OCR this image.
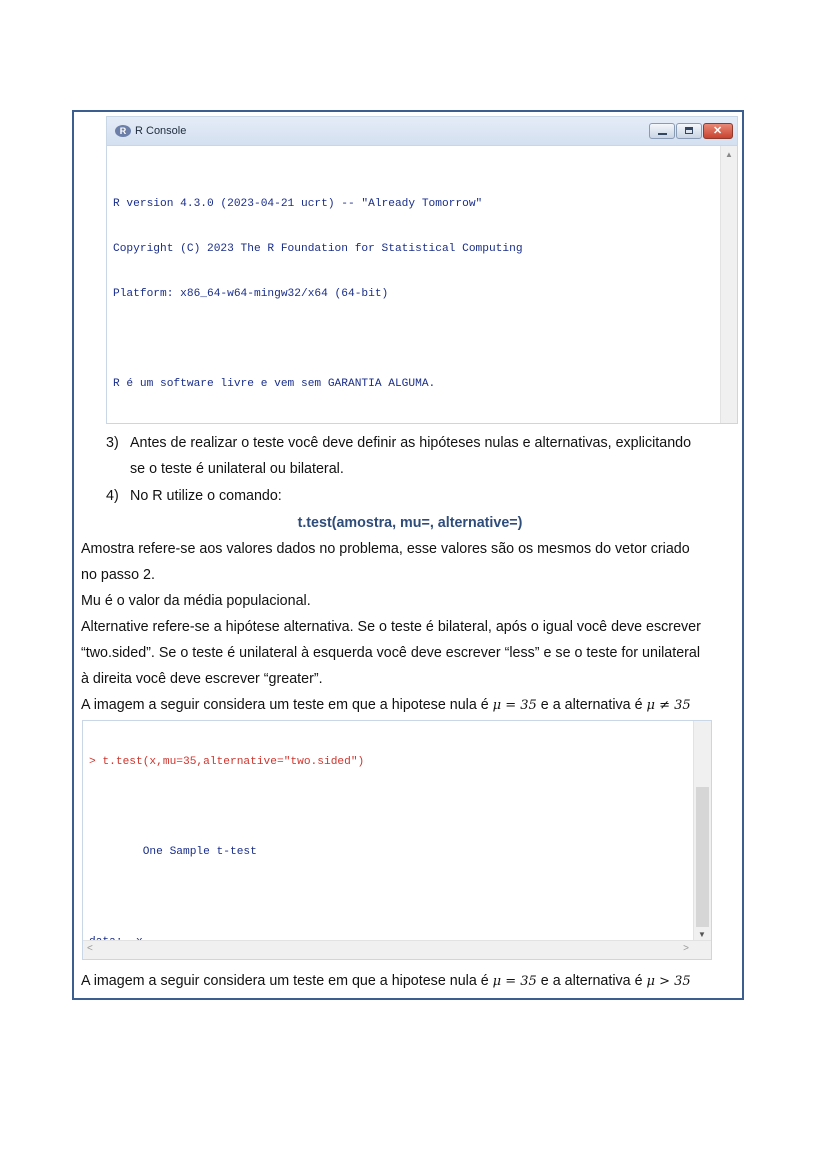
R R Console
✕
▲

R version 4.3.0 (2023-04-21 ucrt) -- "Already Tomorrow"

Copyright (C) 2023 The R Foundation for Statistical Computing

Platform: x86_64-w64-mingw32/x64 (64-bit)

R é um software livre e vem sem GARANTIA ALGUMA.

3) Antes de realizar o teste você deve definir as hipóteses nulas e alternativas, explicitando
se o teste é unilateral ou bilateral.
4) No R utilize o comando:
t.test(amostra, mu=, alternative=)
Amostra refere-se aos valores dados no problema, esse valores são os mesmos do vetor criado
no passo 2.
Mu é o valor da média populacional.
Alternative refere-se a hipótese alternativa. Se o teste é bilateral, após o igual você deve escrever
“two.sided”. Se o teste é unilateral à esquerda você deve escrever “less” e se o teste for unilateral
à direita você deve escrever “greater”.
A imagem a seguir considera um teste em que a hipotese nula é μ = 35 e a alternativa é μ ≠ 35

> t.test(x,mu=35,alternative="two.sided")

One Sample t-test

▼
<	>
A imagem a seguir considera um teste em que a hipotese nula é μ = 35 e a alternativa é μ > 35
